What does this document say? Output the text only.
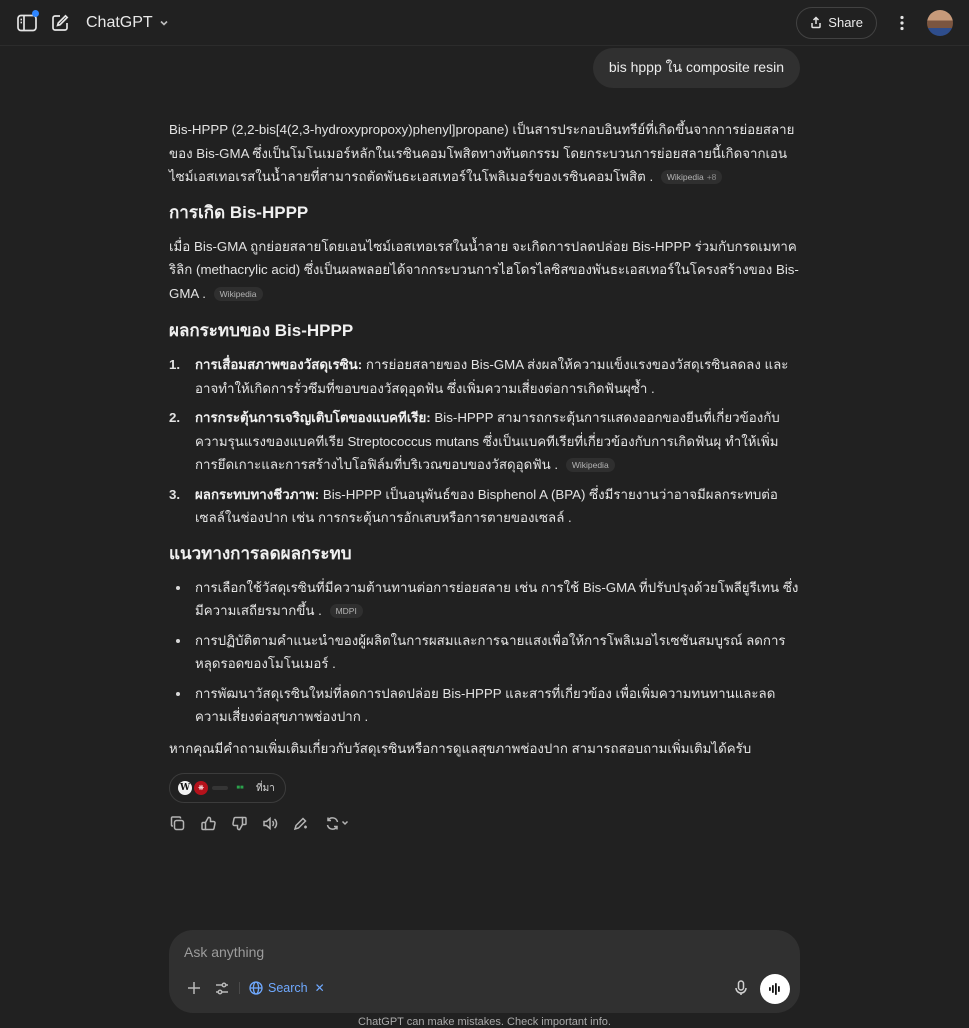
ChatGPT	Share
bis hppp ใน composite resin

Bis-HPPP (2,2-bis[4(2,3-hydroxypropoxy)phenyl]propane) เป็นสารประกอบอินทรีย์ที่เกิดขึ้นจากการย่อยสลายของ Bis-GMA ซึ่งเป็นโมโนเมอร์หลักในเรซินคอมโพสิตทางทันตกรรม โดยกระบวนการย่อยสลายนี้เกิดจากเอนไซม์เอสเทอเรสในน้ำลายที่สามารถตัดพันธะเอสเทอร์ในโพลิเมอร์ของเรซินคอมโพสิต . Wikipedia +8

การเกิด Bis-HPPP

เมื่อ Bis-GMA ถูกย่อยสลายโดยเอนไซม์เอสเทอเรสในน้ำลาย จะเกิดการปลดปล่อย Bis-HPPP ร่วมกับกรดเมทาคริลิก (methacrylic acid) ซึ่งเป็นผลพลอยได้จากกระบวนการไฮโดรไลซิสของพันธะเอสเทอร์ในโครงสร้างของ Bis-GMA . Wikipedia

ผลกระทบของ Bis-HPPP
1. การเสื่อมสภาพของวัสดุเรซิน: การย่อยสลายของ Bis-GMA ส่งผลให้ความแข็งแรงของวัสดุเรซินลดลง และอาจทำให้เกิดการรั่วซึมที่ขอบของวัสดุอุดฟัน ซึ่งเพิ่มความเสี่ยงต่อการเกิดฟันผุซ้ำ .
2. การกระตุ้นการเจริญเติบโตของแบคทีเรีย: Bis-HPPP สามารถกระตุ้นการแสดงออกของยีนที่เกี่ยวข้องกับความรุนแรงของแบคทีเรีย Streptococcus mutans ซึ่งเป็นแบคทีเรียที่เกี่ยวข้องกับการเกิดฟันผุ ทำให้เพิ่มการยึดเกาะและการสร้างไบโอฟิล์มที่บริเวณขอบของวัสดุอุดฟัน . Wikipedia
3. ผลกระทบทางชีวภาพ: Bis-HPPP เป็นอนุพันธ์ของ Bisphenol A (BPA) ซึ่งมีรายงานว่าอาจมีผลกระทบต่อเซลล์ในช่องปาก เช่น การกระตุ้นการอักเสบหรือการตายของเซลล์ .
แนวทางการลดผลกระทบ
การเลือกใช้วัสดุเรซินที่มีความต้านทานต่อการย่อยสลาย เช่น การใช้ Bis-GMA ที่ปรับปรุงด้วยโพลียูรีเทน ซึ่งมีความเสถียรมากขึ้น . MDPI
การปฏิบัติตามคำแนะนำของผู้ผลิตในการผสมและการฉายแสงเพื่อให้การโพลิเมอไรเซชันสมบูรณ์ ลดการหลุดรอดของโมโนเมอร์ .
การพัฒนาวัสดุเรซินใหม่ที่ลดการปลดปล่อย Bis-HPPP และสารที่เกี่ยวข้อง เพื่อเพิ่มความทนทานและลดความเสี่ยงต่อสุขภาพช่องปาก .

หากคุณมีคำถามเพิ่มเติมเกี่ยวกับวัสดุเรซินหรือการดูแลสุขภาพช่องปาก สามารถสอบถามเพิ่มเติมได้ครับ

W	❋	■■	ที่มา
Ask anything
Search ✕
ChatGPT can make mistakes. Check important info.
